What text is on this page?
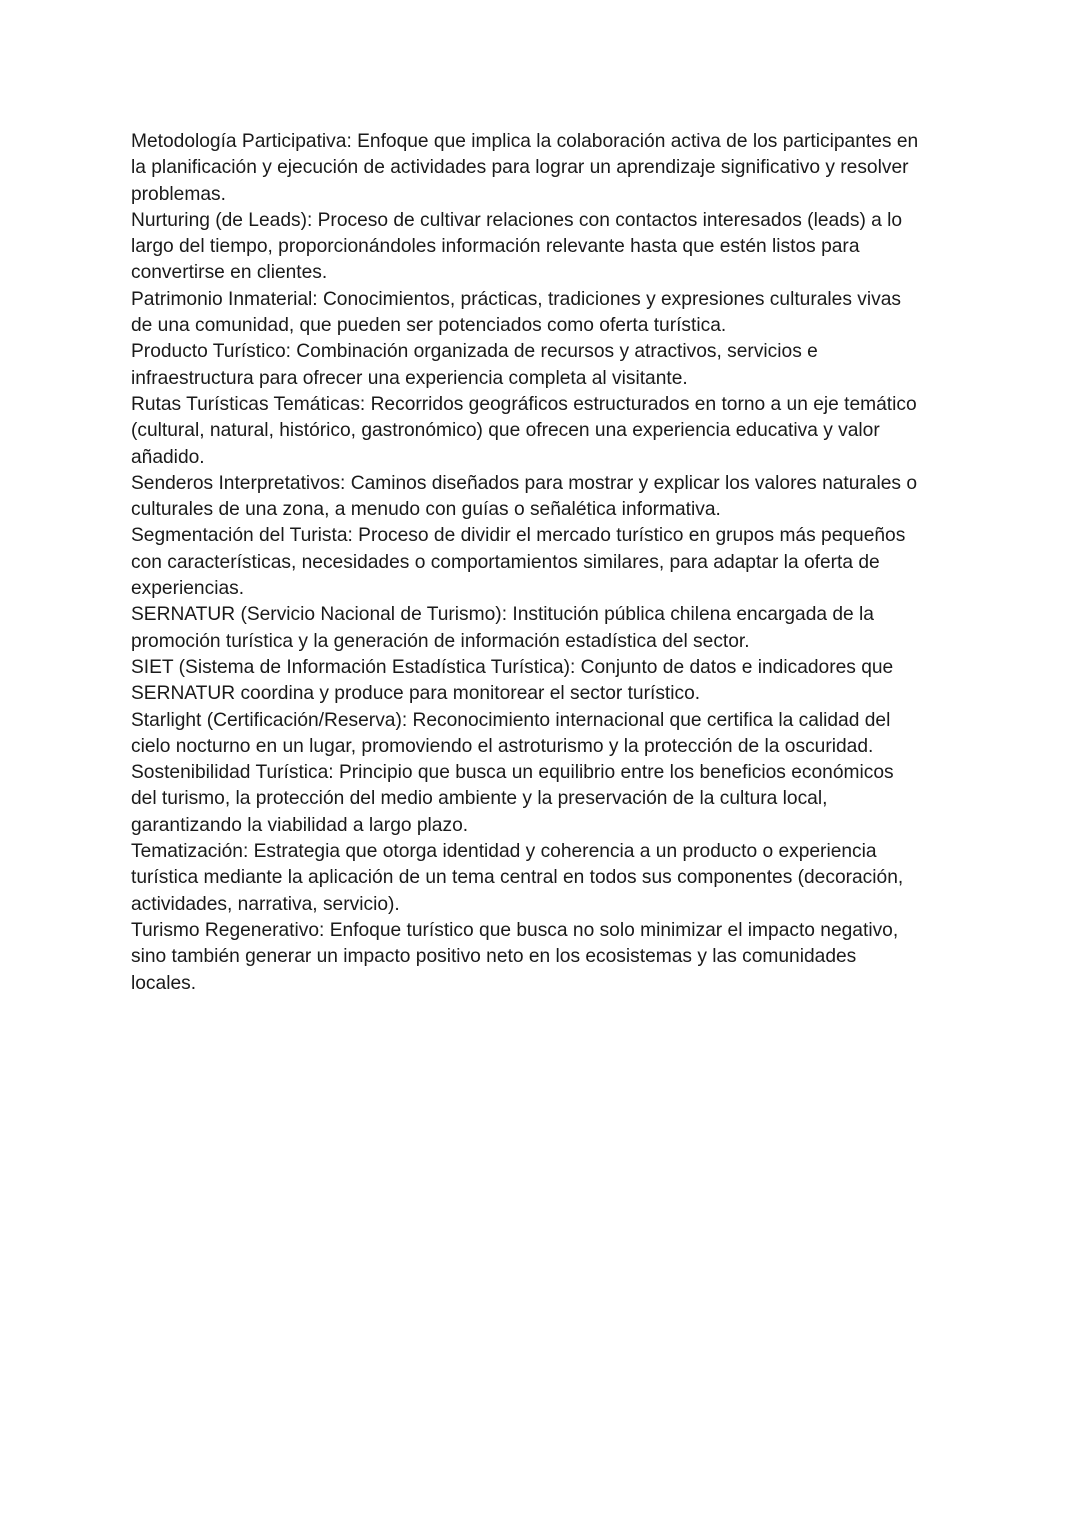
Metodología Participativa: Enfoque que implica la colaboración activa de los participantes en
la planificación y ejecución de actividades para lograr un aprendizaje significativo y resolver
problemas.
Nurturing (de Leads): Proceso de cultivar relaciones con contactos interesados (leads) a lo
largo del tiempo, proporcionándoles información relevante hasta que estén listos para
convertirse en clientes.
Patrimonio Inmaterial: Conocimientos, prácticas, tradiciones y expresiones culturales vivas
de una comunidad, que pueden ser potenciados como oferta turística.
Producto Turístico: Combinación organizada de recursos y atractivos, servicios e
infraestructura para ofrecer una experiencia completa al visitante.
Rutas Turísticas Temáticas: Recorridos geográficos estructurados en torno a un eje temático
(cultural, natural, histórico, gastronómico) que ofrecen una experiencia educativa y valor
añadido.
Senderos Interpretativos: Caminos diseñados para mostrar y explicar los valores naturales o
culturales de una zona, a menudo con guías o señalética informativa.
Segmentación del Turista: Proceso de dividir el mercado turístico en grupos más pequeños
con características, necesidades o comportamientos similares, para adaptar la oferta de
experiencias.
SERNATUR (Servicio Nacional de Turismo): Institución pública chilena encargada de la
promoción turística y la generación de información estadística del sector.
SIET (Sistema de Información Estadística Turística): Conjunto de datos e indicadores que
SERNATUR coordina y produce para monitorear el sector turístico.
Starlight (Certificación/Reserva): Reconocimiento internacional que certifica la calidad del
cielo nocturno en un lugar, promoviendo el astroturismo y la protección de la oscuridad.
Sostenibilidad Turística: Principio que busca un equilibrio entre los beneficios económicos
del turismo, la protección del medio ambiente y la preservación de la cultura local,
garantizando la viabilidad a largo plazo.
Tematización: Estrategia que otorga identidad y coherencia a un producto o experiencia
turística mediante la aplicación de un tema central en todos sus componentes (decoración,
actividades, narrativa, servicio).
Turismo Regenerativo: Enfoque turístico que busca no solo minimizar el impacto negativo,
sino también generar un impacto positivo neto en los ecosistemas y las comunidades
locales.
